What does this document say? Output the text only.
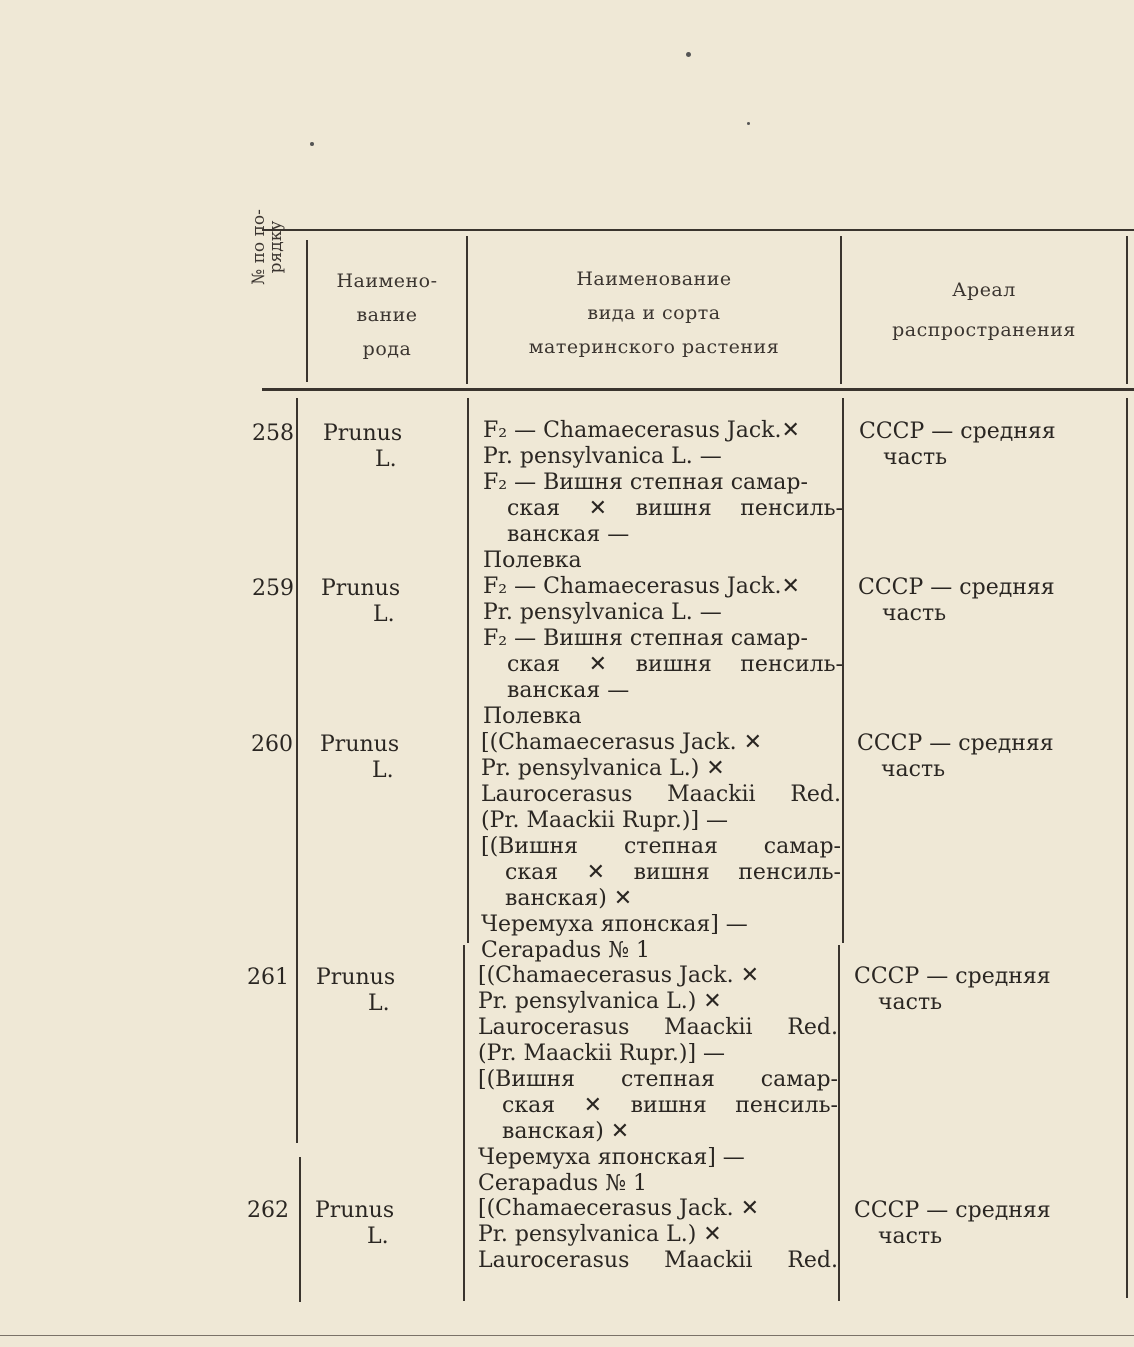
№ по по-
рядку
Наимено-
вание
рода
Наименование
вида и сорта
материнского растения
Ареал
распространения
258 Prunus
L.
F₂ — Chamaecerasus Jack.✕
Pr. pensylvanica L. —
F₂ — Вишня степная самар-
ская ✕ вишня пенсиль-
ванская —
Полевка
СССР — средняя
часть
259 Prunus
L.
F₂ — Chamaecerasus Jack.✕
Pr. pensylvanica L. —
F₂ — Вишня степная самар-
ская ✕ вишня пенсиль-
ванская —
Полевка
СССР — средняя
часть
260 Prunus
L.
[(Chamaecerasus Jack. ✕
Pr. pensylvanica L.) ✕
Laurocerasus Maackii Red.
(Pr. Maackii Rupr.)] —
[(Вишня степная самар-
ская ✕ вишня пенсиль-
ванская) ✕
Черемуха японская] —
Cerapadus № 1
СССР — средняя
часть
261 Prunus
L.
[(Chamaecerasus Jack. ✕
Pr. pensylvanica L.) ✕
Laurocerasus Maackii Red.
(Pr. Maackii Rupr.)] —
[(Вишня степная самар-
ская ✕ вишня пенсиль-
ванская) ✕
Черемуха японская] —
Cerapadus № 1
СССР — средняя
часть
262 Prunus
L.
[(Chamaecerasus Jack. ✕
Pr. pensylvanica L.) ✕
Laurocerasus Maackii Red.
СССР — средняя
часть
